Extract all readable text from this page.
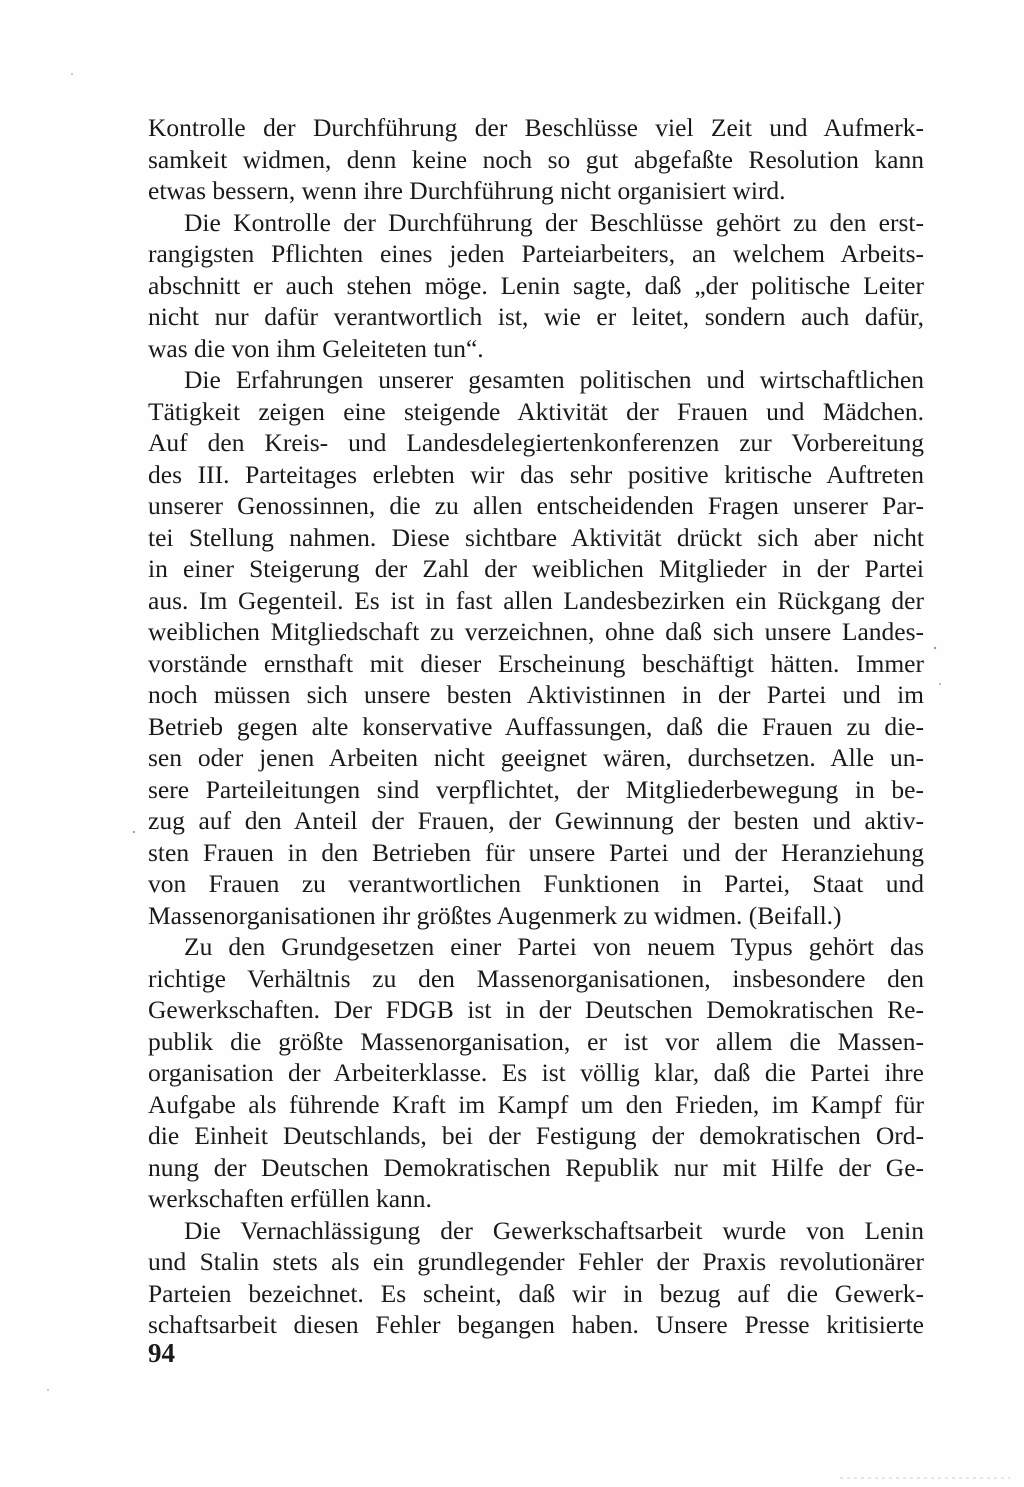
Kontrolle der Durchführung der Beschlüsse viel Zeit und Aufmerk-
samkeit widmen, denn keine noch so gut abgefaßte Resolution kann
etwas bessern, wenn ihre Durchführung nicht organisiert wird.
Die Kontrolle der Durchführung der Beschlüsse gehört zu den erst-
rangigsten Pflichten eines jeden Parteiarbeiters, an welchem Arbeits-
abschnitt er auch stehen möge. Lenin sagte, daß „der politische Leiter
nicht nur dafür verantwortlich ist, wie er leitet, sondern auch dafür,
was die von ihm Geleiteten tun“.
Die Erfahrungen unserer gesamten politischen und wirtschaftlichen
Tätigkeit zeigen eine steigende Aktivität der Frauen und Mädchen.
Auf den Kreis- und Landesdelegiertenkonferenzen zur Vorbereitung
des III. Parteitages erlebten wir das sehr positive kritische Auftreten
unserer Genossinnen, die zu allen entscheidenden Fragen unserer Par-
tei Stellung nahmen. Diese sichtbare Aktivität drückt sich aber nicht
in einer Steigerung der Zahl der weiblichen Mitglieder in der Partei
aus. Im Gegenteil. Es ist in fast allen Landesbezirken ein Rückgang der
weiblichen Mitgliedschaft zu verzeichnen, ohne daß sich unsere Landes-
vorstände ernsthaft mit dieser Erscheinung beschäftigt hätten. Immer
noch müssen sich unsere besten Aktivistinnen in der Partei und im
Betrieb gegen alte konservative Auffassungen, daß die Frauen zu die-
sen oder jenen Arbeiten nicht geeignet wären, durchsetzen. Alle un-
sere Parteileitungen sind verpflichtet, der Mitgliederbewegung in be-
zug auf den Anteil der Frauen, der Gewinnung der besten und aktiv-
sten Frauen in den Betrieben für unsere Partei und der Heranziehung
von Frauen zu verantwortlichen Funktionen in Partei, Staat und
Massenorganisationen ihr größtes Augenmerk zu widmen. (Beifall.)
Zu den Grundgesetzen einer Partei von neuem Typus gehört das
richtige Verhältnis zu den Massenorganisationen, insbesondere den
Gewerkschaften. Der FDGB ist in der Deutschen Demokratischen Re-
publik die größte Massenorganisation, er ist vor allem die Massen-
organisation der Arbeiterklasse. Es ist völlig klar, daß die Partei ihre
Aufgabe als führende Kraft im Kampf um den Frieden, im Kampf für
die Einheit Deutschlands, bei der Festigung der demokratischen Ord-
nung der Deutschen Demokratischen Republik nur mit Hilfe der Ge-
werkschaften erfüllen kann.
Die Vernachlässigung der Gewerkschaftsarbeit wurde von Lenin
und Stalin stets als ein grundlegender Fehler der Praxis revolutionärer
Parteien bezeichnet. Es scheint, daß wir in bezug auf die Gewerk-
schaftsarbeit diesen Fehler begangen haben. Unsere Presse kritisierte
94
